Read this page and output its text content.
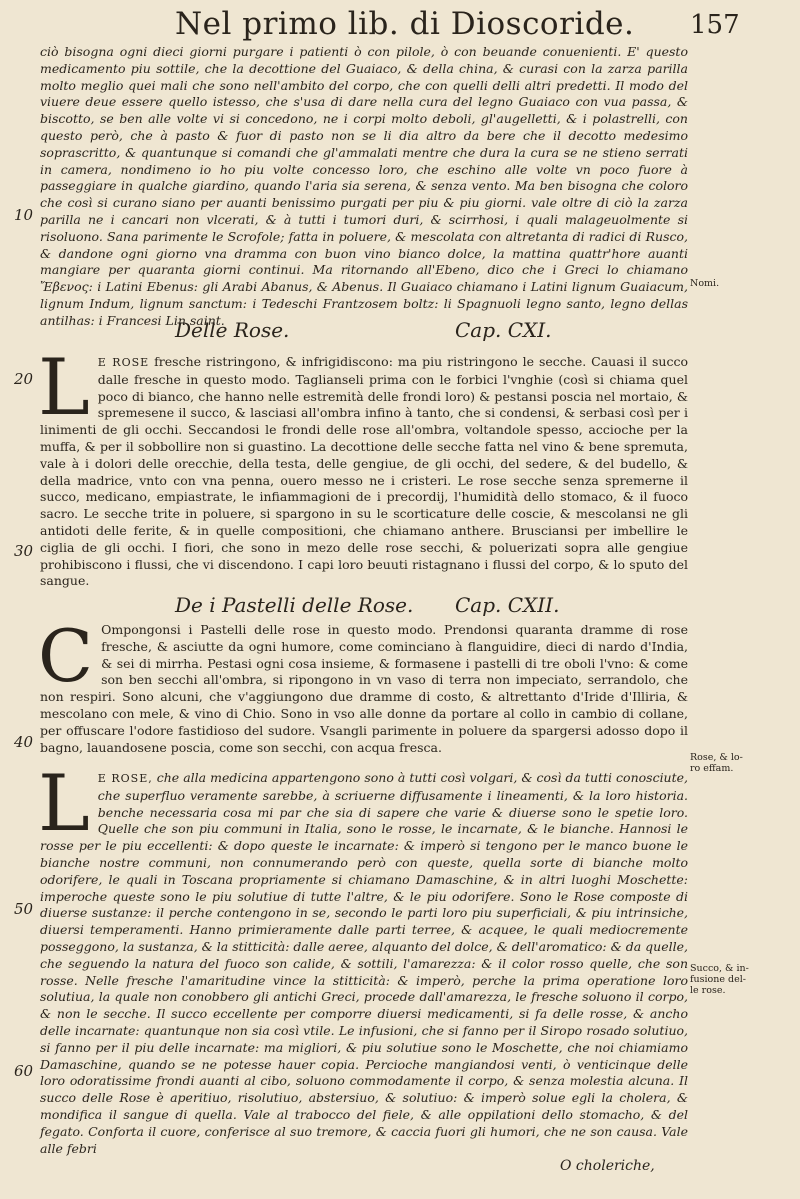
Nel primo lib. di Dioscoride. 157
10
20
30
40
50
60
Nomi.
Rose, & lo-ro effam.
Succo, & in-fusione del-le rose.

ciò bisogna ogni dieci giorni purgare i patienti ò con pilole, ò con beuande conuenienti. E' questo medicamento piu sottile, che la decottione del Guaiaco, & della china, & curasi con la zarza parilla molto meglio quei mali che sono nell'ambito del corpo, che con quelli delli altri predetti. Il modo del viuere deue essere quello istesso, che s'usa di dare nella cura del legno Guaiaco con vua passa, & biscotto, se ben alle volte vi si concedono, ne i corpi molto deboli, gl'augelletti, & i polastrelli, con questo però, che à pasto & fuor di pasto non se li dia altro da bere che il decotto medesimo soprascritto, & quantunque si comandi che gl'ammalati mentre che dura la cura se ne stieno serrati in camera, nondimeno io ho piu volte concesso loro, che eschino alle volte vn poco fuore à passeggiare in qualche giardino, quando l'aria sia serena, & senza vento. Ma ben bisogna che coloro che così si curano siano per auanti benissimo purgati per piu & piu giorni. vale oltre di ciò la zarza parilla ne i cancari non vlcerati, & à tutti i tumori duri, & scirrhosi, i quali malageuolmente si risoluono. Sana parimente le Scrofole; fatta in poluere, & mescolata con altretanta di radici di Rusco, & dandone ogni giorno vna dramma con buon vino bianco dolce, la mattina quattr'hore auanti mangiare per quaranta giorni continui. Ma ritornando all'Ebeno, dico che i Greci lo chiamano Ἔβενος: i Latini Ebenus: gli Arabi Abanus, & Abenus. Il Guaiaco chiamano i Latini lignum Guaiacum, lignum Indum, lignum sanctum: i Tedeschi Frantzosem boltz: li Spagnuoli legno santo, legno dellas antilhas: i Francesi Lin saint.

Delle Rose.	Cap. CXI.

L E ROSE fresche ristringono, & infrigidiscono: ma piu ristringono le secche. Cauasi il succo dalle fresche in questo modo. Taglianseli prima con le forbici l'vnghie (così si chiama quel poco di bianco, che hanno nelle estremità delle frondi loro) & pestansi poscia nel mortaio, & spremesene il succo, & lasciasi all'ombra infino à tanto, che si condensi, & serbasi così per i linimenti de gli occhi. Seccandosi le frondi delle rose all'ombra, voltandole spesso, accioche per la muffa, & per il sobbollire non si guastino. La decottione delle secche fatta nel vino & bene spremuta, vale à i dolori delle orecchie, della testa, delle gengiue, de gli occhi, del sedere, & del budello, & della madrice, vnto con vna penna, ouero messo ne i cristeri. Le rose secche senza spremerne il succo, medicano, empiastrate, le infiammagioni de i precordij, l'humidità dello stomaco, & il fuoco sacro. Le secche trite in poluere, si spargono in su le scorticature delle coscie, & mescolansi ne gli antidoti delle ferite, & in quelle compositioni, che chiamano anthere. Brusciansi per imbellire le ciglia de gli occhi. I fiori, che sono in mezo delle rose secchi, & poluerizati sopra alle gengiue prohibiscono i flussi, che vi discendono. I capi loro beuuti ristagnano i flussi del corpo, & lo sputo del sangue.

De i Pastelli delle Rose. Cap. CXII.

C Ompongonsi i Pastelli delle rose in questo modo. Prendonsi quaranta dramme di rose fresche, & asciutte da ogni humore, come cominciano à flanguidire, dieci di nardo d'India, & sei di mirrha. Pestasi ogni cosa insieme, & formasene i pastelli di tre oboli l'vno: & come son ben secchi all'ombra, si ripongono in vn vaso di terra non impeciato, serrandolo, che non respiri. Sono alcuni, che v'aggiungono due dramme di costo, & altrettanto d'Iride d'Illiria, & mescolano con mele, & vino di Chio. Sono in vso alle donne da portare al collo in cambio di collane, per offuscare l'odore fastidioso del sudore. Vsangli parimente in poluere da spargersi adosso dopo il bagno, lauandosene poscia, come son secchi, con acqua fresca.

L E ROSE, che alla medicina appartengono sono à tutti così volgari, & così da tutti conosciute, che superfluo veramente sarebbe, à scriuerne diffusamente i lineamenti, & la loro historia. benche necessaria cosa mi par che sia di sapere che varie & diuerse sono le spetie loro. Quelle che son piu communi in Italia, sono le rosse, le incarnate, & le bianche. Hannosi le rosse per le piu eccellenti: & dopo queste le incarnate: & imperò si tengono per le manco buone le bianche nostre communi, non connumerando però con queste, quella sorte di bianche molto odorifere, le quali in Toscana propriamente si chiamano Damaschine, & in altri luoghi Moschette: imperoche queste sono le piu solutiue di tutte l'altre, & le piu odorifere. Sono le Rose composte di diuerse sustanze: il perche contengono in se, secondo le parti loro piu superficiali, & piu intrinsiche, diuersi temperamenti. Hanno primieramente dalle parti terree, & acquee, le quali mediocremente posseggono, la sustanza, & la stitticità: dalle aeree, alquanto del dolce, & dell'aromatico: & da quelle, che seguendo la natura del fuoco son calide, & sottili, l'amarezza: & il color rosso quelle, che son rosse. Nelle fresche l'amaritudine vince la stitticità: & imperò, perche la prima operatione loro solutiua, la quale non conobbero gli antichi Greci, procede dall'amarezza, le fresche soluono il corpo, & non le secche. Il succo eccellente per comporre diuersi medicamenti, si fa delle rosse, & ancho delle incarnate: quantunque non sia così vtile. Le infusioni, che si fanno per il Siropo rosado solutiuo, si fanno per il piu delle incarnate: ma migliori, & piu solutiue sono le Moschette, che noi chiamiamo Damaschine, quando se ne potesse hauer copia. Percioche mangiandosi venti, ò venticinque delle loro odoratissime frondi auanti al cibo, soluono commodamente il corpo, & senza molestia alcuna. Il succo delle Rose è aperitiuo, risolutiuo, abstersiuo, & solutiuo: & imperò solue egli la cholera, & mondifica il sangue di quella. Vale al trabocco del fiele, & alle oppilationi dello stomacho, & del fegato. Conforta il cuore, conferisce al suo tremore, & caccia fuori gli humori, che ne son causa. Vale alle febri

O choleriche,
